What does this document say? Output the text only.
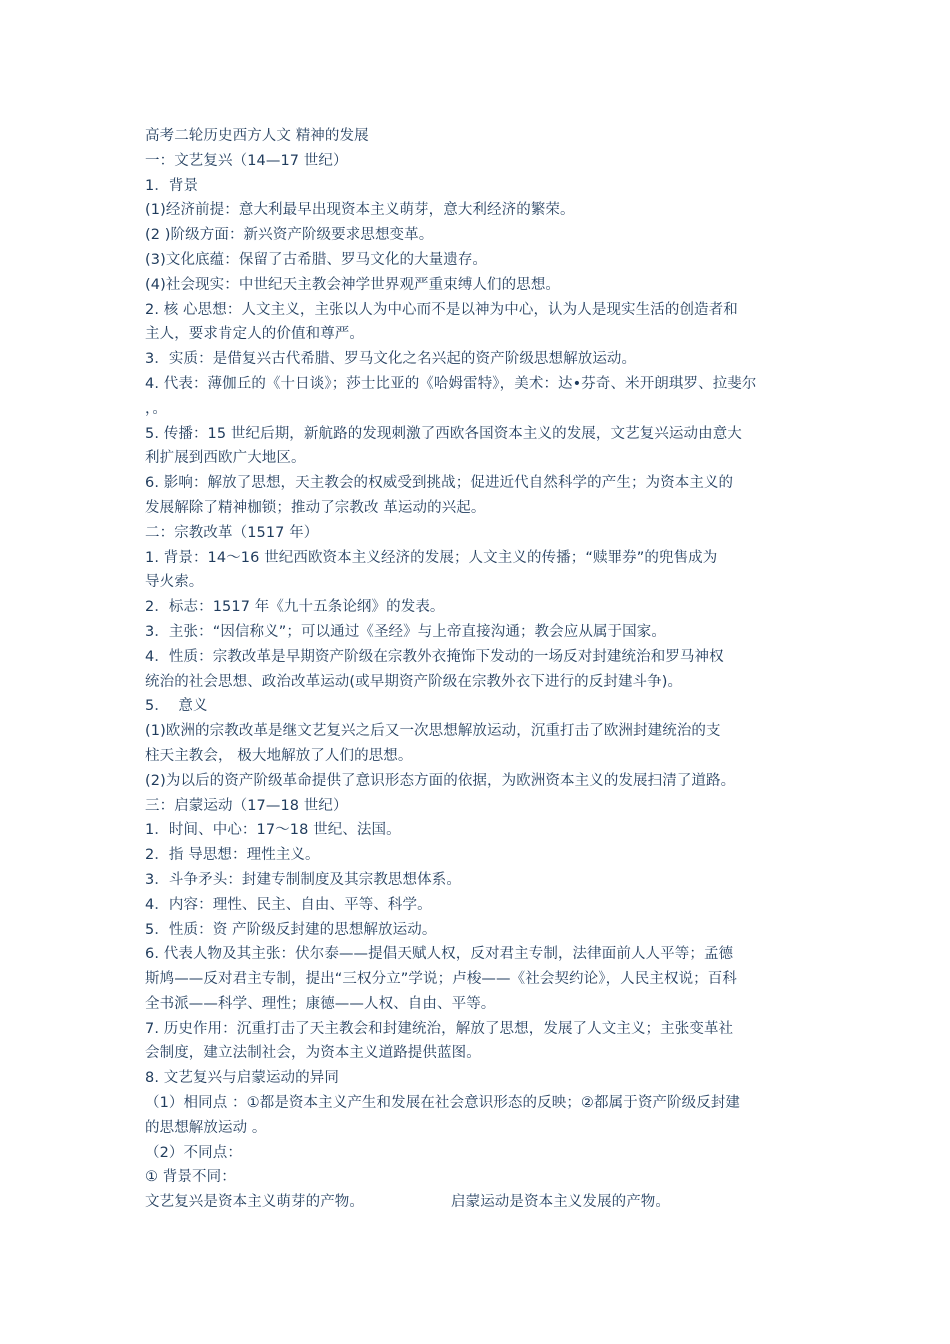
高考二轮历史西方人文 精神的发展
一：文艺复兴（14—17 世纪）
1．背景
(1)经济前提：意大利最早出现资本主义萌芽，意大利经济的繁荣。
(2 )阶级方面：新兴资产阶级要求思想变革。
(3)文化底蕴：保留了古希腊、罗马文化的大量遗存。
(4)社会现实：中世纪天主教会神学世界观严重束缚人们的思想。
2. 核 心思想：人文主义，主张以人为中心而不是以神为中心，认为人是现实生活的创造者和
主人，要求肯定人的价值和尊严。
3．实质：是借复兴古代希腊、罗马文化之名兴起的资产阶级思想解放运动。
4. 代表：薄伽丘的《十日谈》；莎士比亚的《哈姆雷特》，美术：达•芬奇、米开朗琪罗、拉斐尔
，。
5. 传播：15 世纪后期，新航路的发现刺激了西欧各国资本主义的发展，文艺复兴运动由意大
利扩展到西欧广大地区。
6. 影响：解放了思想，天主教会的权威受到挑战；促进近代自然科学的产生；为资本主义的
发展解除了精神枷锁；推动了宗教改 革运动的兴起。
二：宗教改革（1517 年）
1. 背景：14～16 世纪西欧资本主义经济的发展；人文主义的传播；“赎罪券”的兜售成为
导火索。
2．标志：1517 年《九十五条论纲》的发表。
3．主张：“因信称义”；可以通过《圣经》与上帝直接沟通；教会应从属于国家。
4．性质：宗教改革是早期资产阶级在宗教外衣掩饰下发动的一场反对封建统治和罗马神权
统治的社会思想、政治改革运动(或早期资产阶级在宗教外衣下进行的反封建斗争)。
5．  意义
(1)欧洲的宗教改革是继文艺复兴之后又一次思想解放运动，沉重打击了欧洲封建统治的支
柱天主教会， 极大地解放了人们的思想。
(2)为以后的资产阶级革命提供了意识形态方面的依据，为欧洲资本主义的发展扫清了道路。
三：启蒙运动（17—18 世纪）
1．时间、中心：17～18 世纪、法国。
2．指 导思想：理性主义。
3．斗争矛头：封建专制制度及其宗教思想体系。
4．内容：理性、民主、自由、平等、科学。
5．性质：资 产阶级反封建的思想解放运动。
6. 代表人物及其主张：伏尔泰——提倡天赋人权，反对君主专制，法律面前人人平等；孟德
斯鸠——反对君主专制，提出“三权分立”学说；卢梭——《社会契约论》，人民主权说；百科
全书派——科学、理性；康德——人权、自由、平等。
7. 历史作用：沉重打击了天主教会和封建统治，解放了思想，发展了人文主义；主张变革社
会制度，建立法制社会，为资本主义道路提供蓝图。
8. 文艺复兴与启蒙运动的异同
（1）相同点 ：①都是资本主义产生和发展在社会意识形态的反映；②都属于资产阶级反封建
的思想解放运动 。
（2）不同点：
① 背景不同：
文艺复兴是资本主义萌芽的产物。	启蒙运动是资本主义发展的产物。
